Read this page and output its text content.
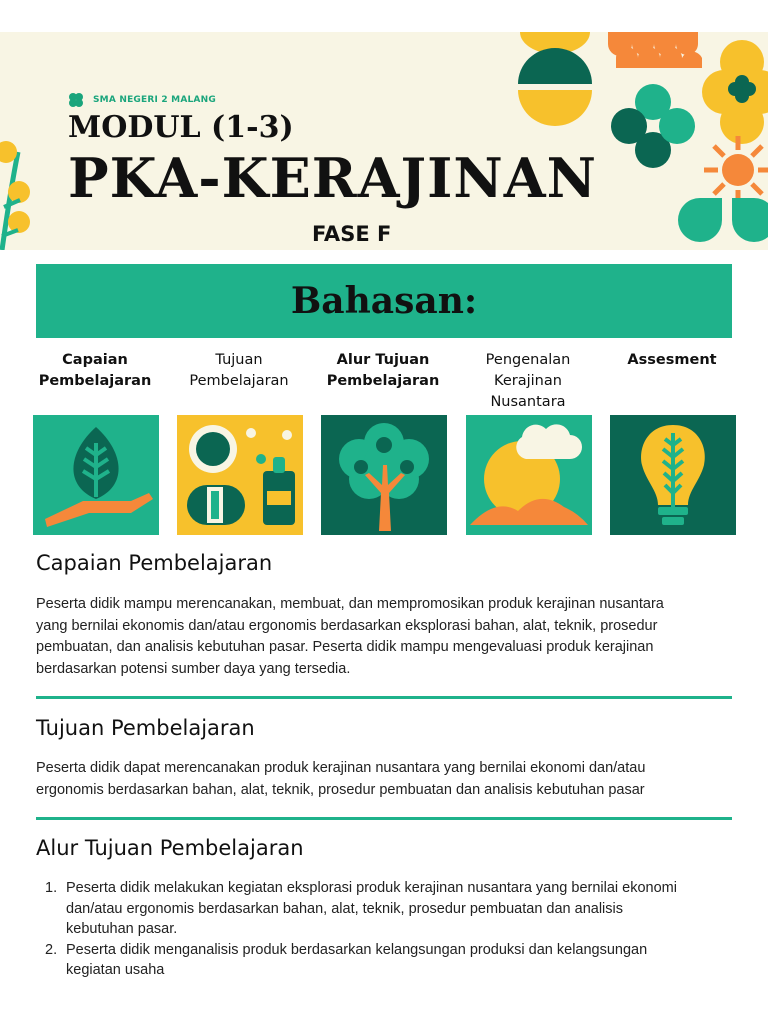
SMA NEGERI 2 MALANG
MODUL (1-3)
PKA-KERAJINAN
FASE F
Bahasan:
Capaian
Pembelajaran
Tujuan
Pembelajaran
Alur Tujuan
Pembelajaran
Pengenalan
Kerajinan
Nusantara
Assesment
Capaian Pembelajaran
Peserta didik mampu merencanakan, membuat, dan mempromosikan produk kerajinan nusantara
yang bernilai ekonomis dan/atau ergonomis berdasarkan eksplorasi bahan, alat, teknik, prosedur
pembuatan, dan analisis kebutuhan pasar. Peserta didik mampu mengevaluasi produk kerajinan
berdasarkan potensi sumber daya yang tersedia.
Tujuan Pembelajaran
Peserta didik dapat merencanakan produk kerajinan nusantara yang bernilai ekonomi dan/atau
ergonomis berdasarkan bahan, alat, teknik, prosedur pembuatan dan analisis kebutuhan pasar
Alur Tujuan Pembelajaran
1. Peserta didik melakukan kegiatan eksplorasi produk kerajinan nusantara yang bernilai ekonomi
dan/atau ergonomis berdasarkan bahan, alat, teknik, prosedur pembuatan dan analisis
kebutuhan pasar.
2. Peserta didik menganalisis produk berdasarkan kelangsungan produksi dan kelangsungan
kegiatan usaha
